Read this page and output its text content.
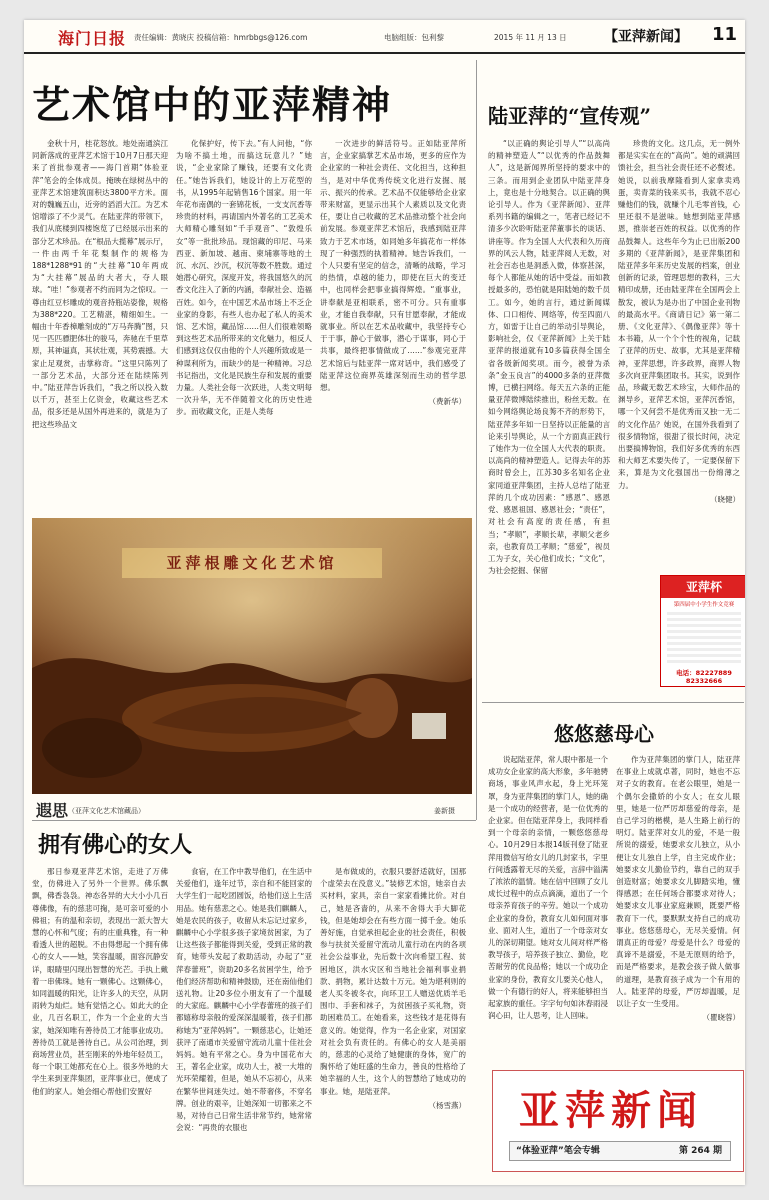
海门日报 责任编辑：黄晓庆 投稿信箱：hmrbbgs@126.com	电脑组版：包利黎	2015 年 11 月 13 日	【亚萍新闻】 11
艺术馆中的亚萍精神

金秋十月，桂花怒放。地处南通滨江同新落成的亚萍艺术馆于10月7日那天迎来了首批参观者——海门首期“体验亚萍”笔会的全体成员。掩映在绿树丛中的亚萍艺术馆建筑面积达3800平方米。面对的魏巍五山，近旁的滔滔大江。为艺术馆增添了不少灵气。在陆亚萍的带领下，我们从底楼到四楼饱览了已经展示出来的部分艺术珍品。在“根品大揽幕”展示厅，一件由两千年花梨制作的规格为188*1288*91的“大挂幕”10年两成为“大挂幕”展品的大者大，夺人眼球。“哇！”参观者不约而同为之惊叹。一尊由红豆杉雕成的观音持瓶站姿像，规格为388*220。工艺精湛，精细如生。一幅由十年香樟雕刻成的“万马奔腾”图，只见一匹匹骠肥体壮的骏马，奔驰在千里草原，其神逼真，其状壮观，其势震撼。大家止足观赏，击掌称奇。“这里只陈列了一部分艺术品，大部分还在陆续陈列中。”陆亚萍告诉我们，“我之所以投入数以千万，甚至上亿资金，收藏这些艺术品，很多还是从国外再进来的，就是为了把这些珍品文

化保护好，传下去。”有人问他，“你为啥不搞土地，而搞这玩意儿？”她说，“企业家除了赚钱，还要有文化责任。”她告诉我们，她设计的上万花型的书，从1995年起销售16个国家。用一年年花布南偶的一套锦花板，一支支沉香等珍贵的材料，再请国内外著名的工艺美术大师精心雕刻如“千手观音”、“敦煌乐女”等一批批珍品。现馆藏的印尼、马来西亚、新加坡、越南、柬埔寨等地的土沉、水沉、沙沉，权沉等数不胜数。通过她潜心研究，深度开发，将我国悠久的沉香文化注入了新的内涵，奉献社会、造福百姓。如今，在中国艺术品市场上不乏企业家的身影，有些人也办起了私人的美术馆、艺术馆，藏品馆……但人们很难领略到这些艺术品所带来的文化魅力，相反人们感到这仅仅由他的个人兴趣所致或是一种谋利所为，而缺少的是一种精神。习总书记指出，文化是民族生存和发展的重要力量。人类社会每一次跃进，人类文明每一次升华，无不伴随着文化的历史性进步。而收藏文化，正是人类每

一次进步的鲜活符号。正如陆亚萍所言，企业家搞掌艺术品市场，更多的应作为企业家的一种社会责任、文化担当，这种担当，是对中华优秀传统文化进行发掘、展示、振兴的传承。艺术品不仅能够给企业家带来财富，更显示出其个人素质以及文化责任，要让自己收藏的艺术品推动整个社会向前发展。参观亚萍艺术馆后，我感到陆亚萍致力于艺术市场，如同她多年搞花布一样体现了一种强烈的执着精神。她告诉我们，一个人只要有坚定的信念，清晰的战略，学习的热情，卓越的能力，即使在巨大的变迁中，也同样会把事业搞得辉煌。“重事业，讲奉献是亚相联系，密不可分。只有重事业，才能自我奉献，只有甘愿奉献，才能成就事业。所以在艺术品收藏中，我坚持专心于于事，静心于做事，潜心于谋事，同心于共事，最终把事情做成了……”参观完亚萍艺术馆后与陆亚萍一席对话中，我们感受了陆亚萍这位商界英雄深刻而生动的哲学思想。

（费新华）
陆亚萍的“宣传观”

“以正确的舆论引导人”“以高尚的精神塑造人”“以优秀的作品鼓舞人”，这是新闻界所坚持的要求中的三条。而用到企业团队中陆亚萍身上，竟也是十分地契合。以正确的舆论引导人。作为《亚萍新闻》、亚萍系列书籍的编辑之一，笔者已经记不清多少次聆听陆亚萍董事长的谈话、讲座等。作为全国人大代表和久历商界的风云人物，陆亚萍阅人无数，对社会百态也是洞悉入微，体察甚深，每个人都能从她的话中受益。而如教授最多的，恐怕就是阳陆她的数千员工。如今，她的言行，通过新闻媒体、口口相传、网络等，传至四面八方，如雷于让自己的举动引导舆论，影响社会，仅《亚萍新闻》上关于陆亚萍的报道就有10多篇获得全国全省各级新闻奖项。而今，被誉为杀条“金玉良言”的4000多条的亚萍微博，已横扫网络。每天五六条的正能量亚萍微博陆续推出，粉丝无数。在如今网络舆论场良莠不齐的形势下，陆亚萍多年如一日坚持以正能量的言论来引导舆论，从一个方面真正践行了她作为一位全国人大代表的职责。以高尚的精神塑造人。记得去年的苏商时曾会上，江苏30多名知名企业家同道亚萍集团，主持人总结了陆亚萍的几个成功因素：“感恩”、感恩党、感恩祖国、感恩社会；“责任”，对社会有高度的责任感，有担当；“孝顺”，孝顺长辈，孝顺父老乡亲，也教育员工孝顺；“慈爱”，视员工为子女，关心他们成长；“文化”，为社会挖掘、保留

珍贵的文化。这几点，无一例外都是实实在在的“高尚”。她的顽满回馈社会，担当社会责任还不必赘述。她说，以前我摩隆看到人家拿卖鸡蛋，卖青菜的钱来买书，我就不忍心赚他们的钱，就赚个儿毛零首钱，心里还很不是滋味。她想到陆亚萍感恩，推崇老百姓的权益。以优秀的作品鼓舞人。这些年今为止已出版200多期的《亚萍新闻》，是亚萍集团和陆亚萍多年来历史发展的档案，创业创新的记录，管理思想的教科，三大精印成册，还由陆亚萍在全国两会上散发，被认为是办出了中国企业刊物的最高水平。《商请日记》第一第二册、《文化亚萍》、《偶像亚萍》等十本书籍，从一个个个性的视角，记载了亚萍的历史、故事，尤其是亚萍精神，亚萍思想，许多政界，商界人物多次向亚萍集团取书。其实，说到作品，珍藏无数艺术珍宝，大师作品的渊导乡，亚萍艺术馆，亚萍沉香馆，哪一个又何尝不是优秀而又独一无二的文化作品？她说，在国外我看到了很多情物馆，很甜了很长时间，决定出要搞博物馆，我们好多优秀的东西和大师艺术要失传了，一定要保留下来，算是为文化强国出一份绵薄之力。

（晓健）
亚萍根雕文化艺术馆
遐思 （亚萍文化艺术馆藏品）	姜新摄
亚萍杯
第四届中小学生作文竞赛
电话：82227889 82332666
拥有佛心的女人

那日参观亚萍艺术馆，走进了万佛堂，仿佛进入了另外一个世界。佛乐飘飘，佛香袅袅。神态各异的大大小小几百尊佛像，有的慈悲可掬，是可亲可爱的小佛祖；有的温和亲切，表现出一派大智大慧的心怀和气度；有的庄重典雅，有一种看透人世的超脱。不由得想起一个拥有佛心的女人——她，笑容温暖，面容沉静安详，眼睛里闪现出智慧的光芒。手执上戴着一串佛珠。她有一颗佛心。这颗佛心，如同温暖的阳光，让许多人的天空，从阴雨转为灿烂。她有觉悟之心。如此大的企业，几百名职工，作为一个企业的大当家，她深知唯有善待员工才能事业成功。善待员工就是善待自己。从公司治理，到商场营业员，甚至刚来的外地年轻员工，每一个职工她都充在心上。很多外地的大学生来到亚萍集团，亚萍事业已，便成了他们的家人。她会细心帮他们安置好

食宿，在工作中教导他们，在生活中关爱他们，逢年过节，亲自和不能回家的大学生们一起吃团圆饭，给他们送上生活用品。她有慈悲之心。她是我们麒麟人，她是农民的孩子，收留从未忘记过家乡，麒麟中心小学很多孩子家境贫困家，为了让这些孩子都能得到关爱，受到正常的教育，她带头发起了救助活动，办起了“亚萍春蕾班”，资助20多名贫困学生，给予他们经济帮助和精神鼓励，还在南仙他们送礼物。让20多位小朋友有了一个温暖的大家庭。麒麟中心小学春蕾班的孩子们都嬉称母亲般的爱深深温暖着，孩子们都称她为“亚萍妈妈”。一颗慈悲心，让她还获评了南通市关爱留守流动儿童十佳社会妈妈。她有平常之心。身为中国花布大王，著名企业家，成功人士，被一大堆的光环荣耀着，但是，她从不忘初心，从来在繁华世间迷失过。她不带奢侈，不穿名牌。创业的艰辛，让她深知一切都来之不易，对待自己日常生活非常节约，她常常会说：“再贵的衣服也

是布做成的，衣服只要舒适就好，国那个虚荣去在没意义。”装修艺术馆，她亲自去买材料，家具，亲自一家家看摊比价。对自己，她是吝啬的，从来不舍得大手大脚花钱，但是她却会在有些方面一掷千金。她乐善好施，自觉承担起企业的社会责任，积极参与扶贫关爱留守流动儿童行动在内的各项社会公益事业，先后数十次向希望工程、贫困地区，洪水灾区和当地社会福利事业捐款、捐物，累计达数十万元。她为堪利则的老人买冬被冬衣，向环卫工人赠送优质羊毛围巾、手套和袜子，为贫困孩子买礼物，资助困难员工。在她看来，这些钱才是花得有意义的。她觉得，作为一名企业家，对国家对社会负有责任的。有佛心的女人是美丽的，慈悲的心灵给了她健康的身体，宽广的胸怀给了她旺盛的生命力，善良的性格给了她幸福的人生，这个人的智慧给了她成功的事业。她，是陆亚萍。

（杨雪燕）
悠悠慈母心

说起陆亚萍，常人眼中都是一个成功女企业家的高大形象，多年驰骋商场，事业风声水起，身上光环笼罩，身为亚萍集团的掌门人，她的确是一个成功的经营者，是一位优秀的企业家。但在陆亚萍身上，我同样看到一个母亲的亲情，一颗悠悠慈母心。10月29日本报14版刊登了陆亚萍用微信写给女儿的几封家书，字里行间透露着无尽的关爱，言辞中溢满了浓浓的温情。她在信中回顾了女儿成长过程中的点点滴滴，道出了一个母亲养育孩子的辛劳。她以一个成功企业家的身份，教育女儿如何面对事业、面对人生，道出了一个母亲对女儿的深切期望。她对女儿间对样严格教导孩子，培养孩子独立、勤俭，吃苦耐劳的优良品格；她以一个成功企业家的身份，教育女儿要关心他人，做一个有德行的好人，将来能够担当起家族的重任。字字句句如沐春雨浸润心田，让人思考，让人回味。

作为亚萍集团的掌门人，陆亚萍在事业上成就卓著，同时，她也不忘对子女的教育。在老公眼里，她是一个偶尔会撒娇的小女人；在女儿眼里，她是一位严厉却慈爱的母亲，是自己学习的楷模，是人生路上前行的明灯。陆亚萍对女儿的爱，不是一般所说的溺爱，她要求女儿独立，从小便让女儿独自上学，自主完成作业；她要求女儿勤俭节约，靠自己的双手创造财富；她要求女儿脚踏实地，懂得感恩；在任何场合都要求对待人；她要求女儿事业家庭兼顾，既要严格教育下一代，要默默支持自己的成功事业。悠悠慈母心，无尽关爱情。何谓真正的母爱？母爱是什么？母爱的真谛不是溺爱，不是无原则的给予，而是严格要求，是教会孩子做人做事的道理，是教育孩子成为一个有用的人。陆亚萍的母爱，严厉却温暖，足以让子女一生受用。

（瞿晓蓉）
亚萍新闻
“体验亚萍”笔会专辑	第 264 期
